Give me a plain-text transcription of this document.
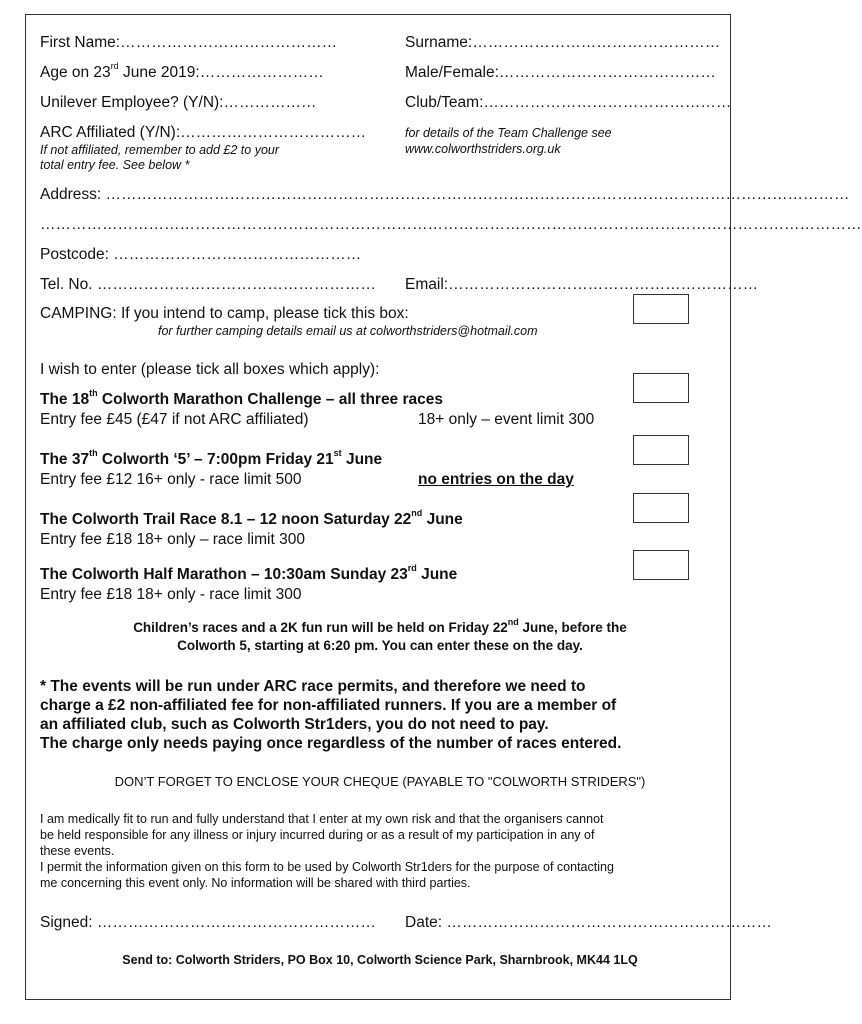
First Name:……………………………………	Surname:…………………………………………
Age on 23rd June 2019:……………………	Male/Female:……………………………………
Unilever Employee? (Y/N):………………	Club/Team:…………………………………………
ARC Affiliated (Y/N):………………………………
If not affiliated, remember to add £2 to your
total entry fee. See below *
for details of the Team Challenge see
www.colworthstriders.org.uk
Address: ………………………………………………………………………………………………………………………………
……………………………………………………………………………………………………………………………………………
Postcode: …………………………………………
Tel. No. ……………………………………………… Email:……………………………………………………
CAMPING: If you intend to camp, please tick this box:
for further camping details email us at colworthstriders@hotmail.com
I wish to enter (please tick all boxes which apply):
The 18th Colworth Marathon Challenge – all three races
Entry fee £45 (£47 if not ARC affiliated)	18+ only – event limit 300
The 37th Colworth ‘5’ – 7:00pm Friday 21st June
Entry fee £12 16+ only - race limit 500	no entries on the day
The Colworth Trail Race 8.1 – 12 noon Saturday 22nd June
Entry fee £18 18+ only – race limit 300
The Colworth Half Marathon – 10:30am Sunday 23rd June
Entry fee £18 18+ only - race limit 300
Children’s races and a 2K fun run will be held on Friday 22nd June, before the
Colworth 5, starting at 6:20 pm. You can enter these on the day.
* The events will be run under ARC race permits, and therefore we need to
charge a £2 non-affiliated fee for non-affiliated runners. If you are a member of
an affiliated club, such as Colworth Str1ders, you do not need to pay.
The charge only needs paying once regardless of the number of races entered.
DON’T FORGET TO ENCLOSE YOUR CHEQUE (PAYABLE TO "COLWORTH STRIDERS")
I am medically fit to run and fully understand that I enter at my own risk and that the organisers cannot
be held responsible for any illness or injury incurred during or as a result of my participation in any of
these events.
I permit the information given on this form to be used by Colworth Str1ders for the purpose of contacting
me concerning this event only. No information will be shared with third parties.
Signed: ……………………………………………… Date: ………………………………………………………
Send to: Colworth Striders, PO Box 10, Colworth Science Park, Sharnbrook, MK44 1LQ
